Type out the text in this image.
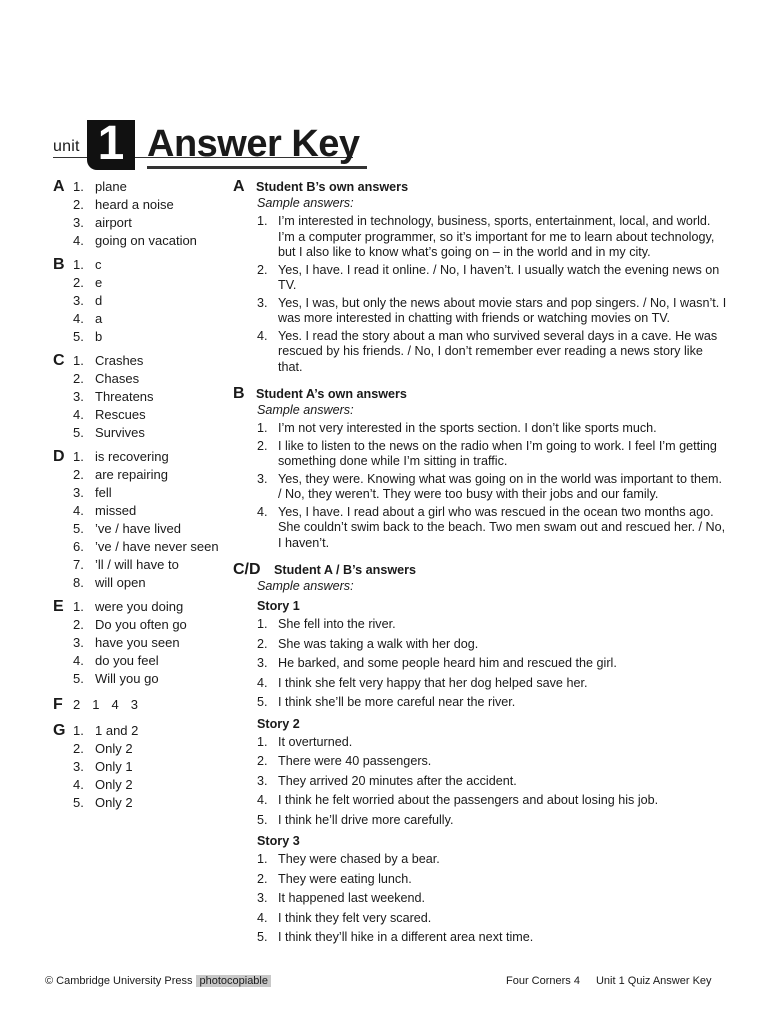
unit 1 Answer Key
A 1. plane
2. heard a noise
3. airport
4. going on vacation
B 1. c
2. e
3. d
4. a
5. b
C 1. Crashes
2. Chases
3. Threatens
4. Rescues
5. Survives
D 1. is recovering
2. are repairing
3. fell
4. missed
5. ’ve / have lived
6. ’ve / have never seen
7. ’ll / will have to
8. will open
E 1. were you doing
2. Do you often go
3. have you seen
4. do you feel
5. Will you go
F 2 1 4 3
G 1. 1 and 2
2. Only 2
3. Only 1
4. Only 2
5. Only 2
A Student B’s own answers
Sample answers:
1. I’m interested in technology, business, sports, entertainment, local, and world. I’m a computer programmer, so it’s important for me to learn about technology, but I also like to know what’s going on – in the world and in my city.
2. Yes, I have. I read it online. / No, I haven’t. I usually watch the evening news on TV.
3. Yes, I was, but only the news about movie stars and pop singers. / No, I wasn’t. I was more interested in chatting with friends or watching movies on TV.
4. Yes. I read the story about a man who survived several days in a cave. He was rescued by his friends. / No, I don’t remember ever reading a news story like that.
B Student A’s own answers
Sample answers:
1. I’m not very interested in the sports section. I don’t like sports much.
2. I like to listen to the news on the radio when I’m going to work. I feel I’m getting something done while I’m sitting in traffic.
3. Yes, they were. Knowing what was going on in the world was important to them. / No, they weren’t. They were too busy with their jobs and our family.
4. Yes, I have. I read about a girl who was rescued in the ocean two months ago. She couldn’t swim back to the beach. Two men swam out and rescued her. / No, I haven’t.
C/D	Student A / B’s answers
Sample answers:
Story 1
1. She fell into the river.
2. She was taking a walk with her dog.
3. He barked, and some people heard him and rescued the girl.
4. I think she felt very happy that her dog helped save her.
5. I think she’ll be more careful near the river.
Story 2
1. It overturned.
2. There were 40 passengers.
3. They arrived 20 minutes after the accident.
4. I think he felt worried about the passengers and about losing his job.
5. I think he’ll drive more carefully.
Story 3
1. They were chased by a bear.
2. They were eating lunch.
3. It happened last weekend.
4. I think they felt very scared.
5. I think they’ll hike in a different area next time.
© Cambridge University Press photocopiable	Four Corners 4 Unit 1 Quiz Answer Key
